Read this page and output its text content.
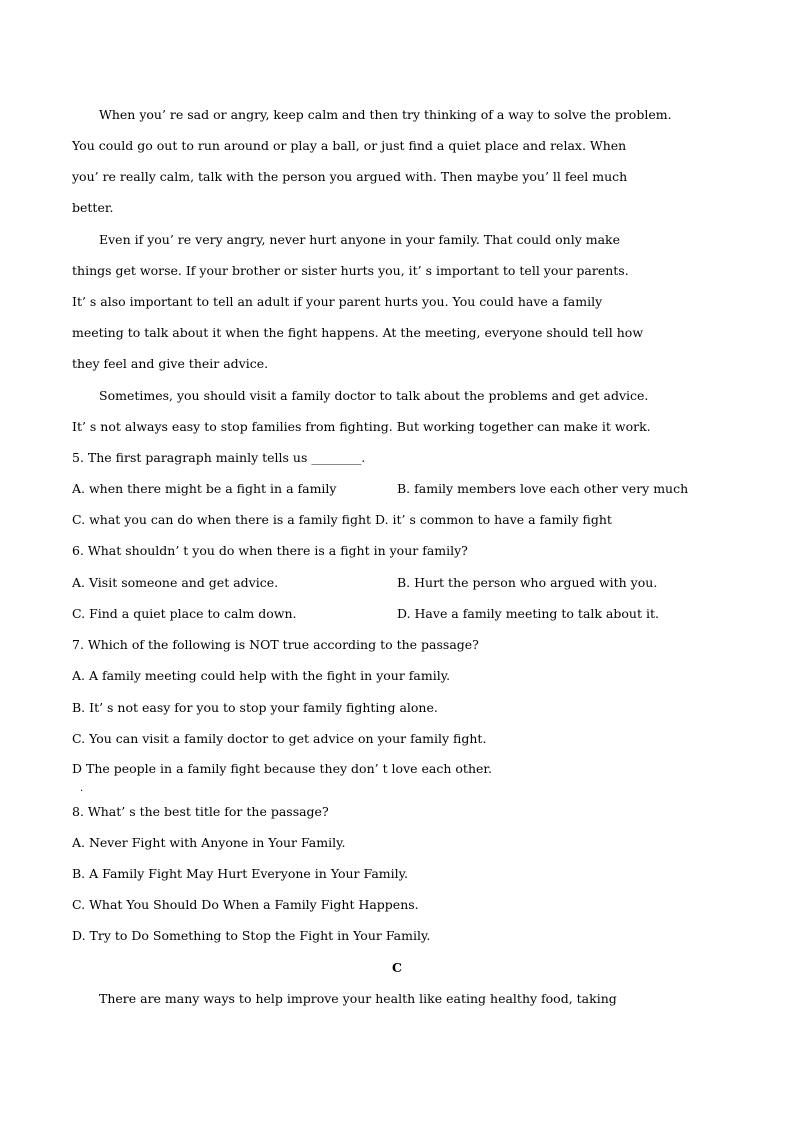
When you’ re sad or angry, keep calm and then try thinking of a way to solve the problem.
You could go out to run around or play a ball, or just find a quiet place and relax. When
you’ re really calm, talk with the person you argued with. Then maybe you’ ll feel much
better.
Even if you’ re very angry, never hurt anyone in your family. That could only make
things get worse. If your brother or sister hurts you, it’ s important to tell your parents.
It’ s also important to tell an adult if your parent hurts you. You could have a family
meeting to talk about it when the fight happens. At the meeting, everyone should tell how
they feel and give their advice.
Sometimes, you should visit a family doctor to talk about the problems and get advice.
It’ s not always easy to stop families from fighting. But working together can make it work.
5. The first paragraph mainly tells us ________.
A. when there might be a fight in a family	B. family members love each other very much
C. what you can do when there is a family fight D. it’ s common to have a family fight
6. What shouldn’ t you do when there is a fight in your family?
A. Visit someone and get advice.	B. Hurt the person who argued with you.
C. Find a quiet place to calm down.	D. Have a family meeting to talk about it.
7. Which of the following is NOT true according to the passage?
A. A family meeting could help with the fight in your family.
B. It’ s not easy for you to stop your family fighting alone.
C. You can visit a family doctor to get advice on your family fight.
D The people in a family fight because they don’ t love each other.
.
8. What’ s the best title for the passage?
A. Never Fight with Anyone in Your Family.
B. A Family Fight May Hurt Everyone in Your Family.
C. What You Should Do When a Family Fight Happens.
D. Try to Do Something to Stop the Fight in Your Family.
C
There are many ways to help improve your health like eating healthy food, taking
